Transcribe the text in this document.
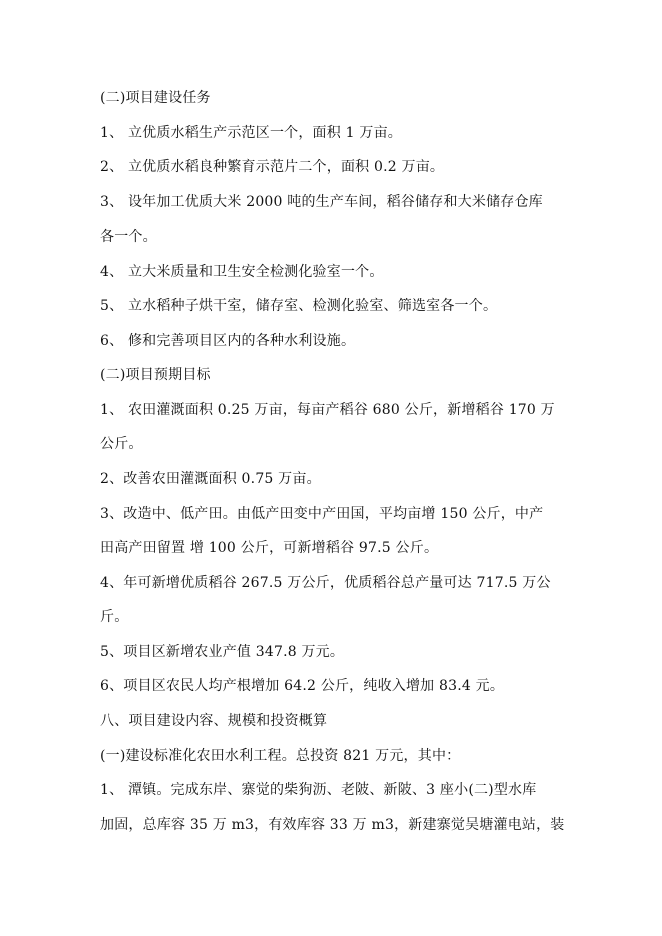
(二)项目建设任务
1、 立优质水稻生产示范区一个，面积 1 万亩。
2、 立优质水稻良种繁育示范片二个，面积 0.2 万亩。
3、 设年加工优质大米 2000 吨的生产车间，稻谷储存和大米储存仓库
各一个。
4、 立大米质量和卫生安全检测化验室一个。
5、 立水稻种子烘干室，储存室、检测化验室、筛选室各一个。
6、 修和完善项目区内的各种水利设施。
(二)项目预期目标
1、 农田灌溉面积 0.25 万亩，每亩产稻谷 680 公斤，新增稻谷 170 万
公斤。
2、改善农田灌溉面积 0.75 万亩。
3、改造中、低产田。由低产田变中产田国，平均亩增 150 公斤，中产
田高产田留置 增 100 公斤，可新增稻谷 97.5 公斤。
4、年可新增优质稻谷 267.5 万公斤，优质稻谷总产量可达 717.5 万公
斤。
5、项目区新增农业产值 347.8 万元。
6、项目区农民人均产根增加 64.2 公斤，纯收入增加 83.4 元。
八、项目建设内容、规模和投资概算
(一)建设标准化农田水利工程。总投资 821 万元，其中：
1、 潭镇。完成东岸、寨觉的柴狗沥、老陂、新陂、3 座小(二)型水库
加固，总库容 35 万 m3，有效库容 33 万 m3，新建寨觉吴塘灌电站，装
